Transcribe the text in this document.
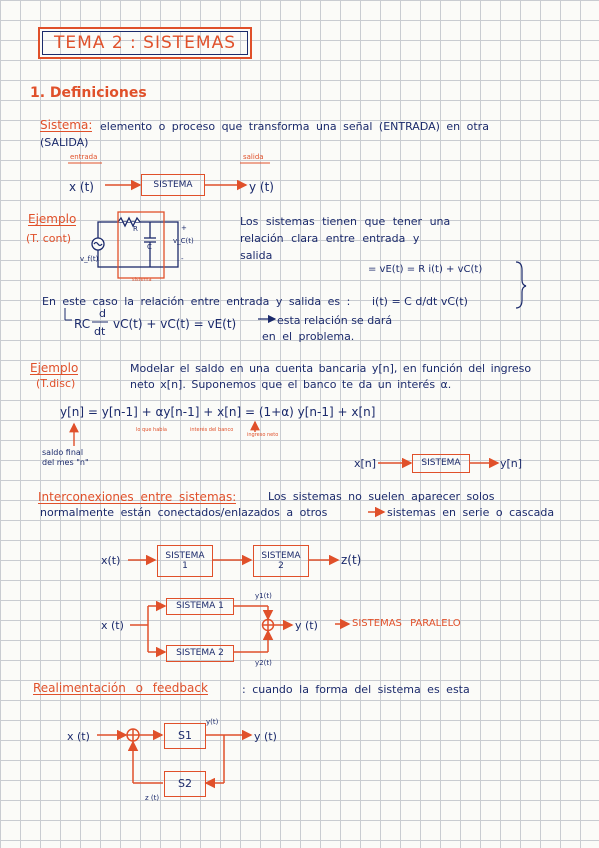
TEMA 2 : SISTEMAS
1. Definiciones
Sistema: elemento o proceso que transforma una señal (ENTRADA) en otra
(SALIDA)
entrada	salida
x (t)	SISTEMA	y (t)
Ejemplo
(T. cont)
R
C
v_f(t)
v_C(t)
+
-
sistema
Los sistemas tienen que tener una
relación clara entre entrada y
salida
= vE(t) = R i(t) + vC(t)
En este caso la relación entre entrada y salida es : i(t) = C d/dt vC(t)
RC
d
dt
vC(t) + vC(t) = vE(t)	esta relación se dará
en el problema.
Ejemplo
(T.disc)
Modelar el saldo en una cuenta bancaria y[n], en función del ingreso
neto x[n]. Suponemos que el banco te da un interés α.
y[n] = y[n-1] + αy[n-1] + x[n] = (1+α) y[n-1] + x[n]
lo que había	interés del banco
ingreso neto
saldo final
del mes "n"	x[n]	SISTEMA	y[n]
Interconexiones entre sistemas:	Los sistemas no suelen aparecer solos
normalmente están conectados/enlazados a otros	sistemas en serie o cascada
x(t)	SISTEMA
1
SISTEMA
2	z(t)
x (t)
SISTEMA 1
SISTEMA 2
y1(t)
y2(t)
y (t)	SISTEMAS PARALELO
Realimentación o feedback	: cuando la forma del sistema es esta
x (t)	S1
S2
y(t)
y (t)
z (t)
